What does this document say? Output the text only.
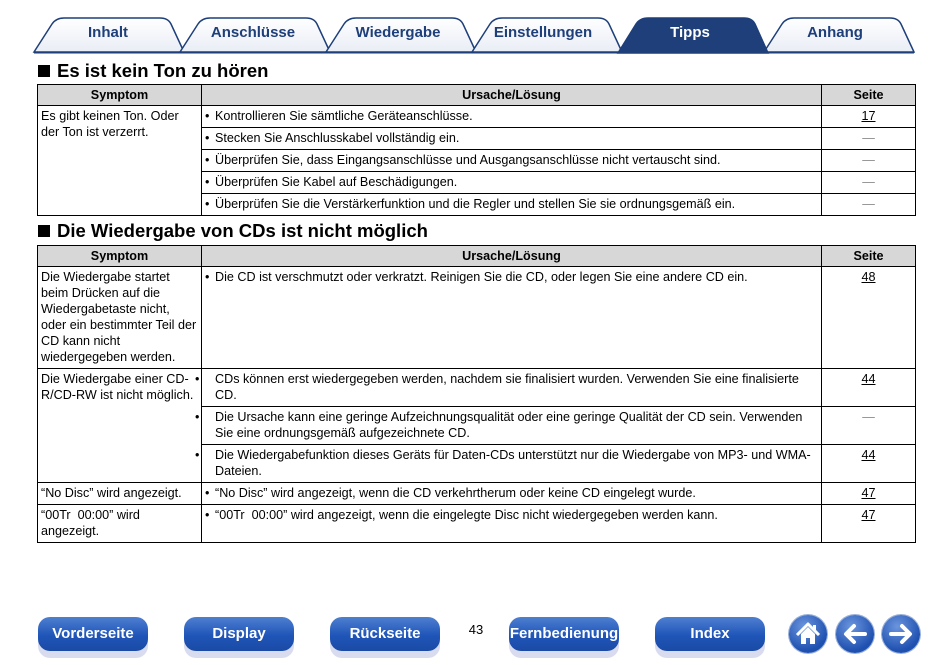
Inhalt	Anschlüsse	Wiedergabe	Einstellungen	Tipps	Anhang
Es ist kein Ton zu hören
Symptom	Ursache/Lösung	Seite
Es gibt keinen Ton. Oder der Ton ist verzerrt.	• Kontrollieren Sie sämtliche Geräteanschlüsse.	17
	• Stecken Sie Anschlusskabel vollständig ein.	—
	• Überprüfen Sie, dass Eingangsanschlüsse und Ausgangsanschlüsse nicht vertauscht sind.	—
	• Überprüfen Sie Kabel auf Beschädigungen.	—
	• Überprüfen Sie die Verstärkerfunktion und die Regler und stellen Sie sie ordnungsgemäß ein.	—
Die Wiedergabe von CDs ist nicht möglich
Symptom	Ursache/Lösung	Seite
Die Wiedergabe startet beim Drücken auf die Wiedergabetaste nicht, oder ein bestimmter Teil der CD kann nicht wiedergegeben werden.	• Die CD ist verschmutzt oder verkratzt. Reinigen Sie die CD, oder legen Sie eine andere CD ein.	48
Die Wiedergabe einer CD-R/CD-RW ist nicht möglich.	• CDs können erst wiedergegeben werden, nachdem sie finalisiert wurden. Verwenden Sie eine finalisierte CD.	44

	• Die Ursache kann eine geringe Aufzeichnungsqualität oder eine geringe Qualität der CD sein. Verwenden Sie eine ordnungsgemäß aufgezeichnete CD.	—

	• Die Wiedergabefunktion dieses Geräts für Daten-CDs unterstützt nur die Wiedergabe von MP3- und WMA-Dateien.	44
“No Disc” wird angezeigt.	• “No Disc” wird angezeigt, wenn die CD verkehrtherum oder keine CD eingelegt wurde.	47
“00Tr  00:00” wird angezeigt.	• “00Tr  00:00” wird angezeigt, wenn die eingelegte Disc nicht wiedergegeben werden kann.	47
Vorderseite	Display	Rückseite	43	Fernbedienung	Index
